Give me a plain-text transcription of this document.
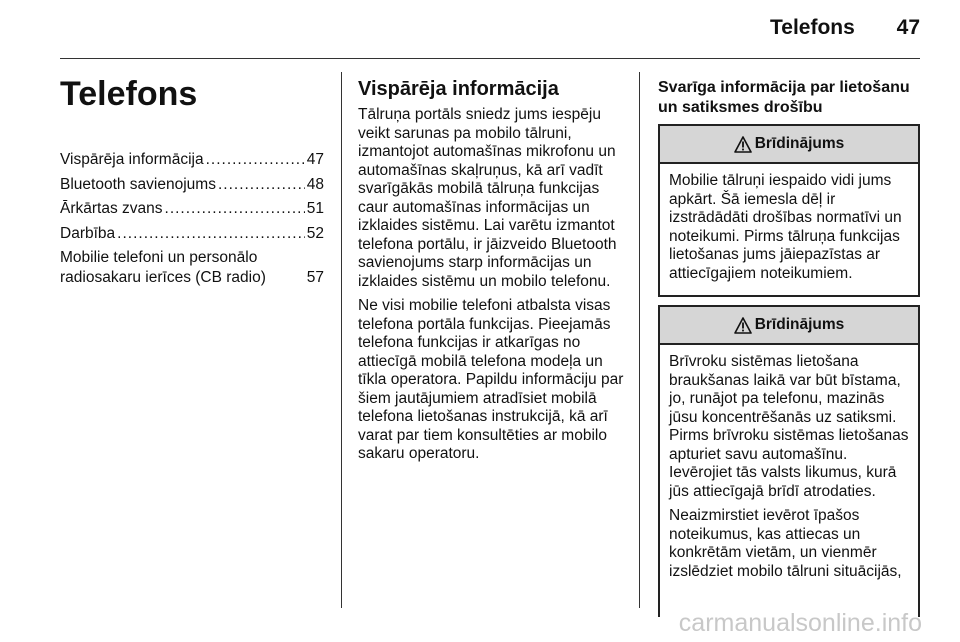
Telefons 47
Telefons
Vispārēja informācija .....	47
Bluetooth savienojums .....	48
Ārkārtas zvans .....	51
Darbība .....	52
Mobilie telefoni un personālo radiosakaru ierīces (CB radio)	57
Vispārēja informācija

Tālruņa portāls sniedz jums iespēju veikt sarunas pa mobilo tālruni, izmantojot automašīnas mikrofonu un automašīnas skaļruņus, kā arī vadīt svarīgākās mobilā tālruņa funkcijas caur automašīnas informācijas un izklaides sistēmu. Lai varētu izmantot telefona portālu, ir jāizveido Bluetooth savienojums starp informācijas un izklaides sistēmu un mobilo telefonu.

Ne visi mobilie telefoni atbalsta visas telefona portāla funkcijas. Pieejamās telefona funkcijas ir atkarīgas no attiecīgā mobilā telefona modeļa un tīkla operatora. Papildu informāciju par šiem jautājumiem atradīsiet mobilā telefona lietošanas instrukcijā, kā arī varat par tiem konsultēties ar mobilo sakaru operatoru.

Svarīga informācija par lietošanu un satiksmes drošību
Brīdinājums

Mobilie tālruņi iespaido vidi jums apkārt. Šā iemesla dēļ ir izstrādādāti drošības normatīvi un noteikumi. Pirms tālruņa funkcijas lietošanas jums jāiepazīstas ar attiecīgajiem noteikumiem.

Brīdinājums

Brīvroku sistēmas lietošana braukšanas laikā var būt bīstama, jo, runājot pa telefonu, mazinās jūsu koncentrēšanās uz satiksmi. Pirms brīvroku sistēmas lietošanas apturiet savu automašīnu. Ievērojiet tās valsts likumus, kurā jūs attiecīgajā brīdī atrodaties.

Neaizmirstiet ievērot īpašos noteikumus, kas attiecas un konkrētām vietām, un vienmēr izslēdziet mobilo tālruni situācijās,

carmanualsonline.info
